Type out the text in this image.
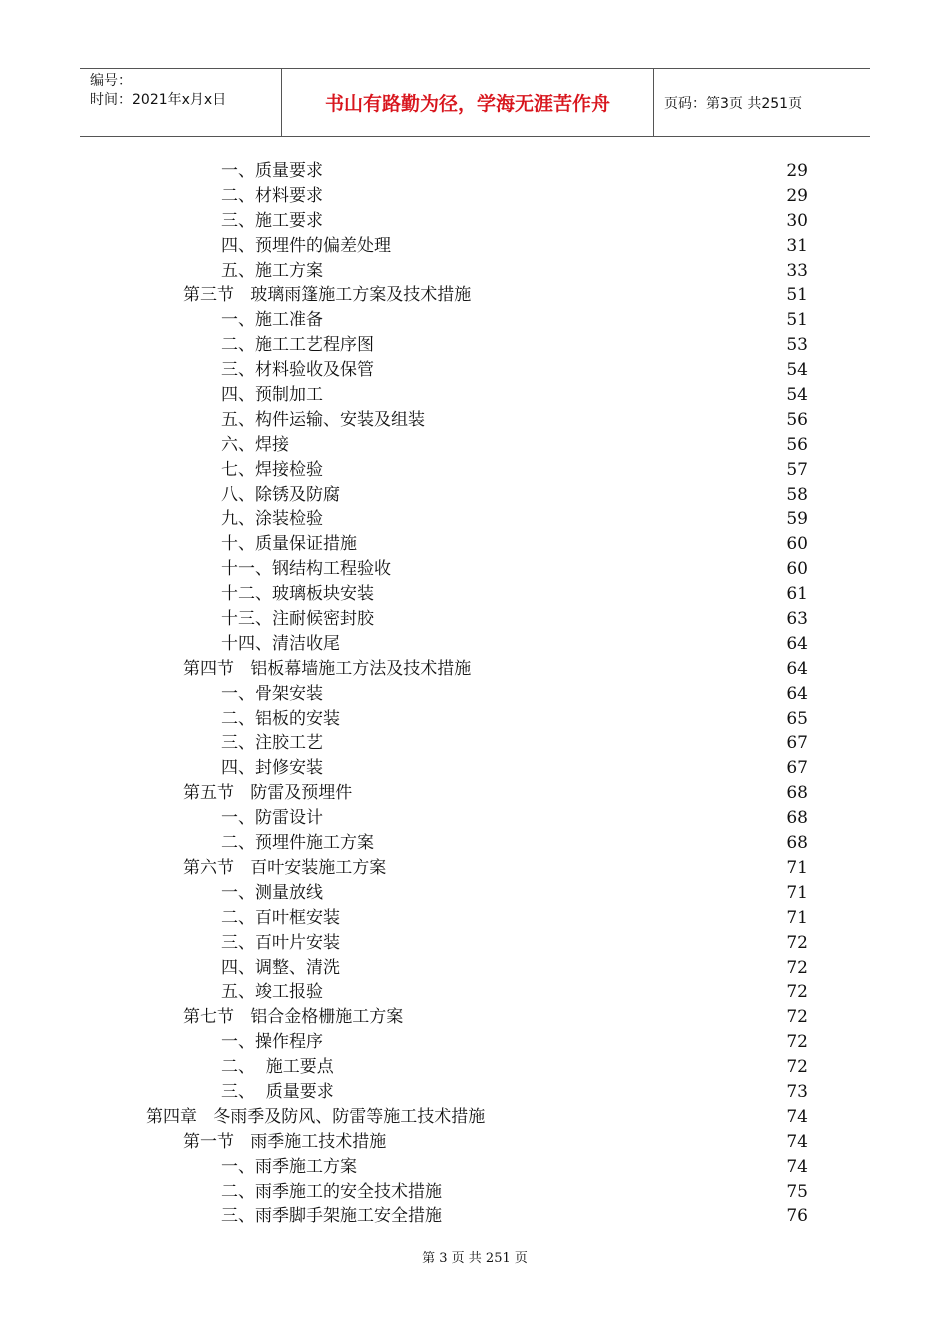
编号：
时间：2021年x月x日	书山有路勤为径，学海无涯苦作舟	页码：第3页 共251页
一、质量要求	29
二、材料要求	29
三、施工要求	30
四、预埋件的偏差处理	31
五、施工方案	33
第三节   玻璃雨篷施工方案及技术措施	51
一、施工准备	51
二、施工工艺程序图	53
三、材料验收及保管	54
四、预制加工	54
五、构件运输、安装及组装	56
六、焊接	56
七、焊接检验	57
八、除锈及防腐	58
九、涂装检验	59
十、质量保证措施	60
十一、钢结构工程验收	60
十二、玻璃板块安装	61
十三、注耐候密封胶	63
十四、清洁收尾	64
第四节   铝板幕墙施工方法及技术措施	64
一、骨架安装	64
二、铝板的安装	65
三、注胶工艺	67
四、封修安装	67
第五节   防雷及预埋件	68
一、防雷设计	68
二、预埋件施工方案	68
第六节   百叶安装施工方案	71
一、测量放线	71
二、百叶框安装	71
三、百叶片安装	72
四、调整、清洗	72
五、竣工报验	72
第七节   铝合金格栅施工方案	72
一、操作程序	72
二、  施工要点	72
三、  质量要求	73
第四章   冬雨季及防风、防雷等施工技术措施	74
第一节   雨季施工技术措施	74
一、雨季施工方案	74
二、雨季施工的安全技术措施	75
三、雨季脚手架施工安全措施	76
第 3 页 共 251 页
